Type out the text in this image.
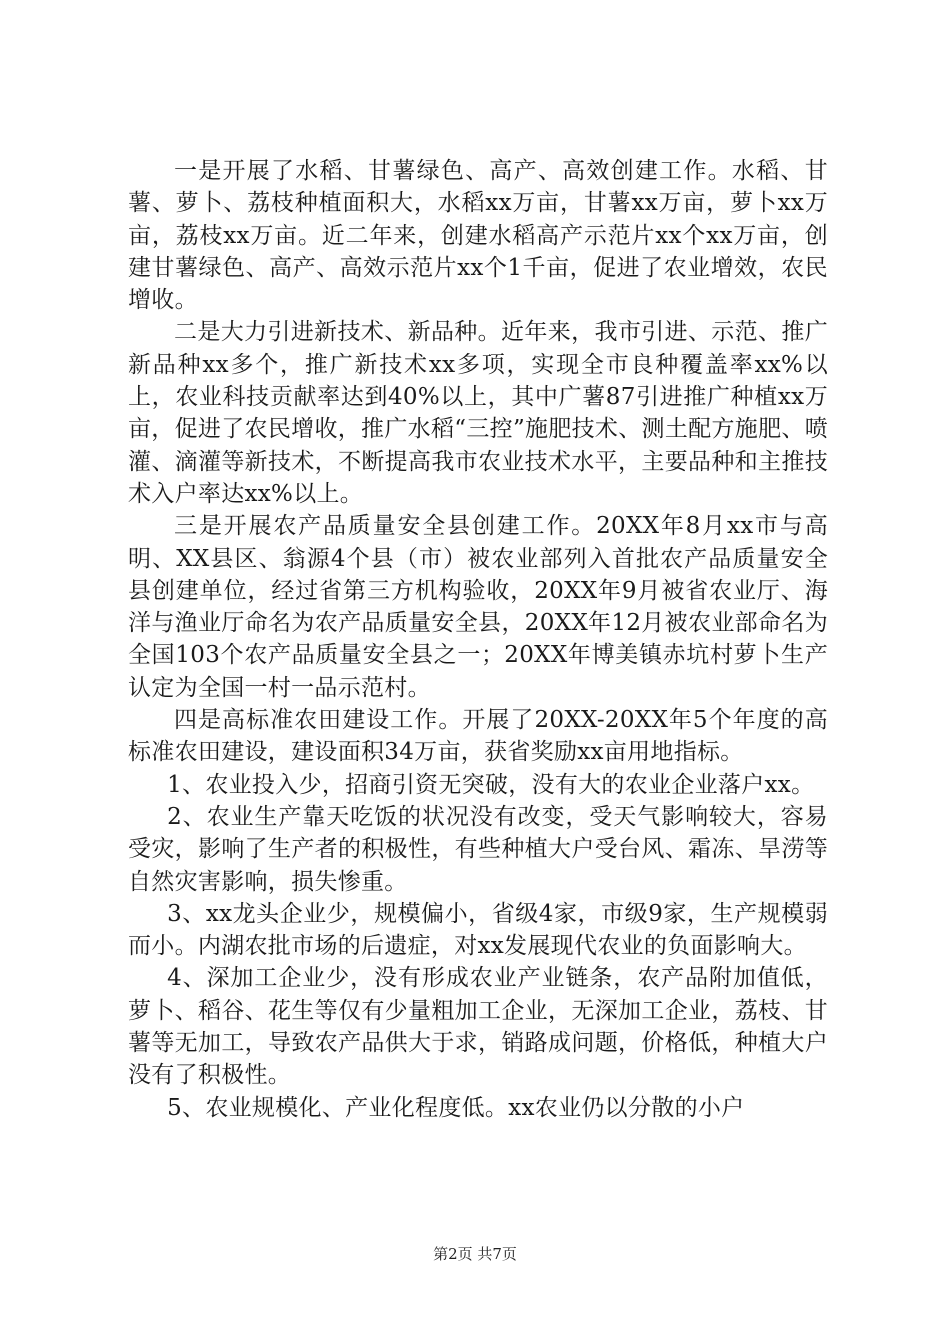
一是开展了水稻、甘薯绿色、高产、高效创建工作。水稻、甘薯、萝卜、荔枝种植面积大，水稻xx万亩，甘薯xx万亩，萝卜xx万亩，荔枝xx万亩。近二年来，创建水稻高产示范片xx个xx万亩，创建甘薯绿色、高产、高效示范片xx个1千亩，促进了农业增效，农民增收。

二是大力引进新技术、新品种。近年来，我市引进、示范、推广新品种xx多个，推广新技术xx多项，实现全市良种覆盖率xx%以上，农业科技贡献率达到40%以上，其中广薯87引进推广种植xx万亩，促进了农民增收，推广水稻“三控”施肥技术、测土配方施肥、喷灌、滴灌等新技术，不断提高我市农业技术水平，主要品种和主推技术入户率达xx%以上。

三是开展农产品质量安全县创建工作。20XX年8月xx市与高明、XX县区、翁源4个县（市）被农业部列入首批农产品质量安全县创建单位，经过省第三方机构验收，20XX年9月被省农业厅、海洋与渔业厅命名为农产品质量安全县，20XX年12月被农业部命名为全国103个农产品质量安全县之一；20XX年博美镇赤坑村萝卜生产认定为全国一村一品示范村。

四是高标准农田建设工作。开展了20XX-20XX年5个年度的高标准农田建设，建设面积34万亩，获省奖励xx亩用地指标。

1、农业投入少，招商引资无突破，没有大的农业企业落户xx。

2、农业生产靠天吃饭的状况没有改变，受天气影响较大，容易受灾，影响了生产者的积极性，有些种植大户受台风、霜冻、旱涝等自然灾害影响，损失惨重。

3、xx龙头企业少，规模偏小，省级4家，市级9家，生产规模弱而小。内湖农批市场的后遗症，对xx发展现代农业的负面影响大。

4、深加工企业少，没有形成农业产业链条，农产品附加值低，萝卜、稻谷、花生等仅有少量粗加工企业，无深加工企业，荔枝、甘薯等无加工，导致农产品供大于求，销路成问题，价格低，种植大户没有了积极性。

5、农业规模化、产业化程度低。xx农业仍以分散的小户

第2页 共7页
